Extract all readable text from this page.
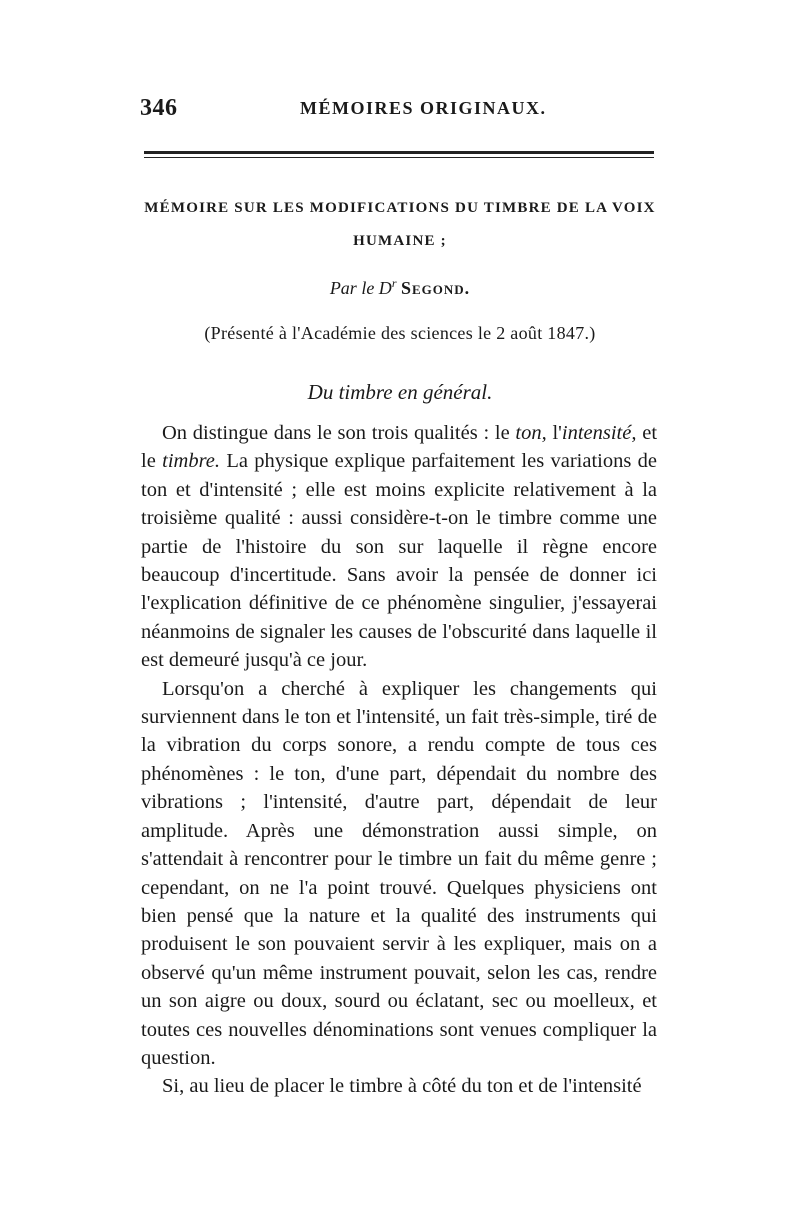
346	MÉMOIRES ORIGINAUX.
MÉMOIRE SUR LES MODIFICATIONS DU TIMBRE DE LA VOIX
HUMAINE ;
Par le $D^r$ Segond.
(Présenté à l'Académie des sciences le 2 août 1847.)
Du timbre en général.

On distingue dans le son trois qualités : le ton, l'intensité, et le timbre. La physique explique parfaitement les variations de ton et d'intensité ; elle est moins explicite relativement à la troisième qualité : aussi considère-t-on le timbre comme une partie de l'histoire du son sur laquelle il règne encore beaucoup d'incertitude. Sans avoir la pensée de donner ici l'explication définitive de ce phénomène singulier, j'essayerai néanmoins de signaler les causes de l'obscurité dans laquelle il est demeuré jusqu'à ce jour.

Lorsqu'on a cherché à expliquer les changements qui surviennent dans le ton et l'intensité, un fait très-simple, tiré de la vibration du corps sonore, a rendu compte de tous ces phénomènes : le ton, d'une part, dépendait du nombre des vibrations ; l'intensité, d'autre part, dépendait de leur amplitude. Après une démonstration aussi simple, on s'attendait à rencontrer pour le timbre un fait du même genre ; cependant, on ne l'a point trouvé. Quelques physiciens ont bien pensé que la nature et la qualité des instruments qui produisent le son pouvaient servir à les expliquer, mais on a observé qu'un même instrument pouvait, selon les cas, rendre un son aigre ou doux, sourd ou éclatant, sec ou moelleux, et toutes ces nouvelles dénominations sont venues compliquer la question.

Si, au lieu de placer le timbre à côté du ton et de l'intensité
